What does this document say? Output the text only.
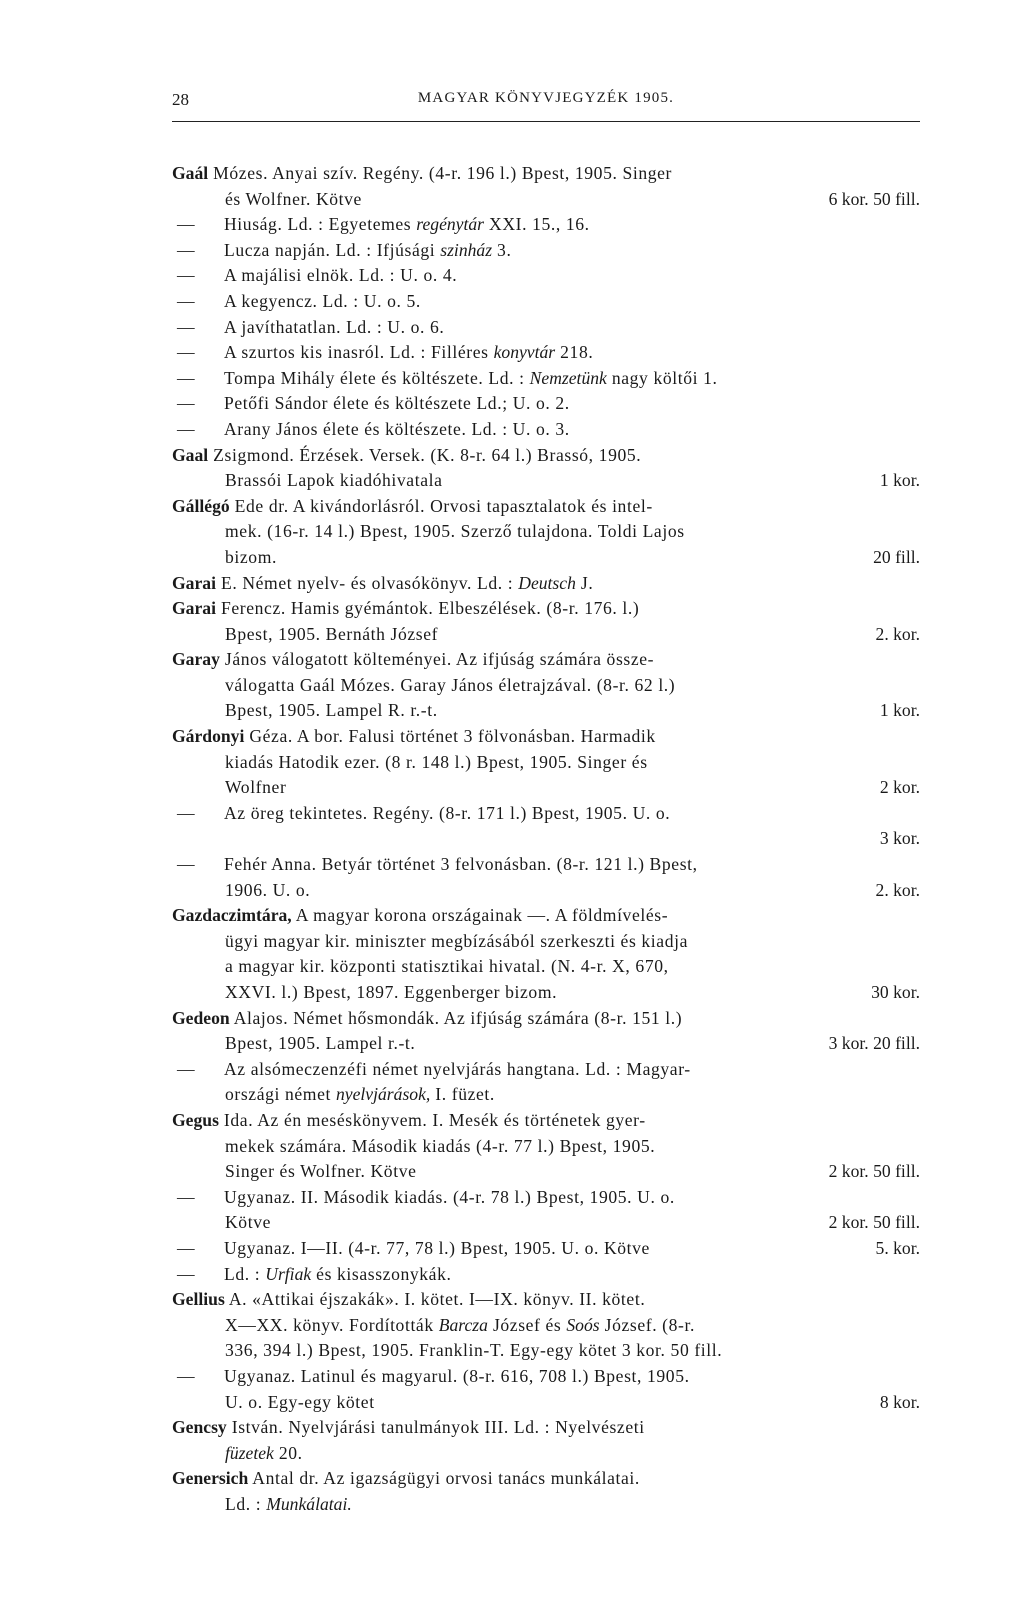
28	MAGYAR KÖNYVJEGYZÉK 1905.
Gaál Mózes. Anyai szív. Regény. (4-r. 196 l.) Bpest, 1905. Singer
és Wolfner. Kötve	6 kor. 50 fill.
— Hiuság. Ld. : Egyetemes regénytár XXI. 15., 16.
— Lucza napján. Ld. : Ifjúsági szinház 3.
— A majálisi elnök. Ld. : U. o. 4.
— A kegyencz. Ld. : U. o. 5.
— A javíthatatlan. Ld. : U. o. 6.
— A szurtos kis inasról. Ld. : Filléres konyvtár 218.
— Tompa Mihály élete és költészete. Ld. : Nemzetünk nagy költői 1.
— Petőfi Sándor élete és költészete Ld.; U. o. 2.
— Arany János élete és költészete. Ld. : U. o. 3.
Gaal Zsigmond. Érzések. Versek. (K. 8-r. 64 l.) Brassó, 1905.
Brassói Lapok kiadóhivatala	1 kor.
Gállégó Ede dr. A kivándorlásról. Orvosi tapasztalatok és intel-
mek. (16-r. 14 l.) Bpest, 1905. Szerző tulajdona. Toldi Lajos
bizom.	20 fill.
Garai E. Német nyelv- és olvasókönyv. Ld. : Deutsch J.
Garai Ferencz. Hamis gyémántok. Elbeszélések. (8-r. 176. l.)
Bpest, 1905. Bernáth József	2. kor.
Garay János válogatott költeményei. Az ifjúság számára össze-
válogatta Gaál Mózes. Garay János életrajzával. (8-r. 62 l.)
Bpest, 1905. Lampel R. r.-t.	1 kor.
Gárdonyi Géza. A bor. Falusi történet 3 fölvonásban. Harmadik
kiadás Hatodik ezer. (8 r. 148 l.) Bpest, 1905. Singer és
Wolfner	2 kor.
— Az öreg tekintetes. Regény. (8-r. 171 l.) Bpest, 1905. U. o.
3 kor.
— Fehér Anna. Betyár történet 3 felvonásban. (8-r. 121 l.) Bpest,
1906. U. o.	2. kor.
Gazdaczimtára, A magyar korona országainak —. A földmívelés-
ügyi magyar kir. miniszter megbízásából szerkeszti és kiadja
a magyar kir. központi statisztikai hivatal. (N. 4-r. X, 670,
XXVI. l.) Bpest, 1897. Eggenberger bizom.	30 kor.
Gedeon Alajos. Német hősmondák. Az ifjúság számára (8-r. 151 l.)
Bpest, 1905. Lampel r.-t.	3 kor. 20 fill.
— Az alsómeczenzéfi német nyelvjárás hangtana. Ld. : Magyar-
országi német nyelvjárások, I. füzet.
Gegus Ida. Az én meséskönyvem. I. Mesék és történetek gyer-
mekek számára. Második kiadás (4-r. 77 l.) Bpest, 1905.
Singer és Wolfner. Kötve	2 kor. 50 fill.
— Ugyanaz. II. Második kiadás. (4-r. 78 l.) Bpest, 1905. U. o.
Kötve	2 kor. 50 fill.
— Ugyanaz. I—II. (4-r. 77, 78 l.) Bpest, 1905. U. o. Kötve	5. kor.
— Ld. : Urfiak és kisasszonykák.
Gellius A. «Attikai éjszakák». I. kötet. I—IX. könyv. II. kötet.
X—XX. könyv. Fordították Barcza József és Soós József. (8-r.
336, 394 l.) Bpest, 1905. Franklin-T. Egy-egy kötet 3 kor. 50 fill.
— Ugyanaz. Latinul és magyarul. (8-r. 616, 708 l.) Bpest, 1905.
U. o. Egy-egy kötet	8 kor.
Gencsy István. Nyelvjárási tanulmányok III. Ld. : Nyelvészeti
füzetek 20.
Genersich Antal dr. Az igazságügyi orvosi tanács munkálatai.
Ld. : Munkálatai.
